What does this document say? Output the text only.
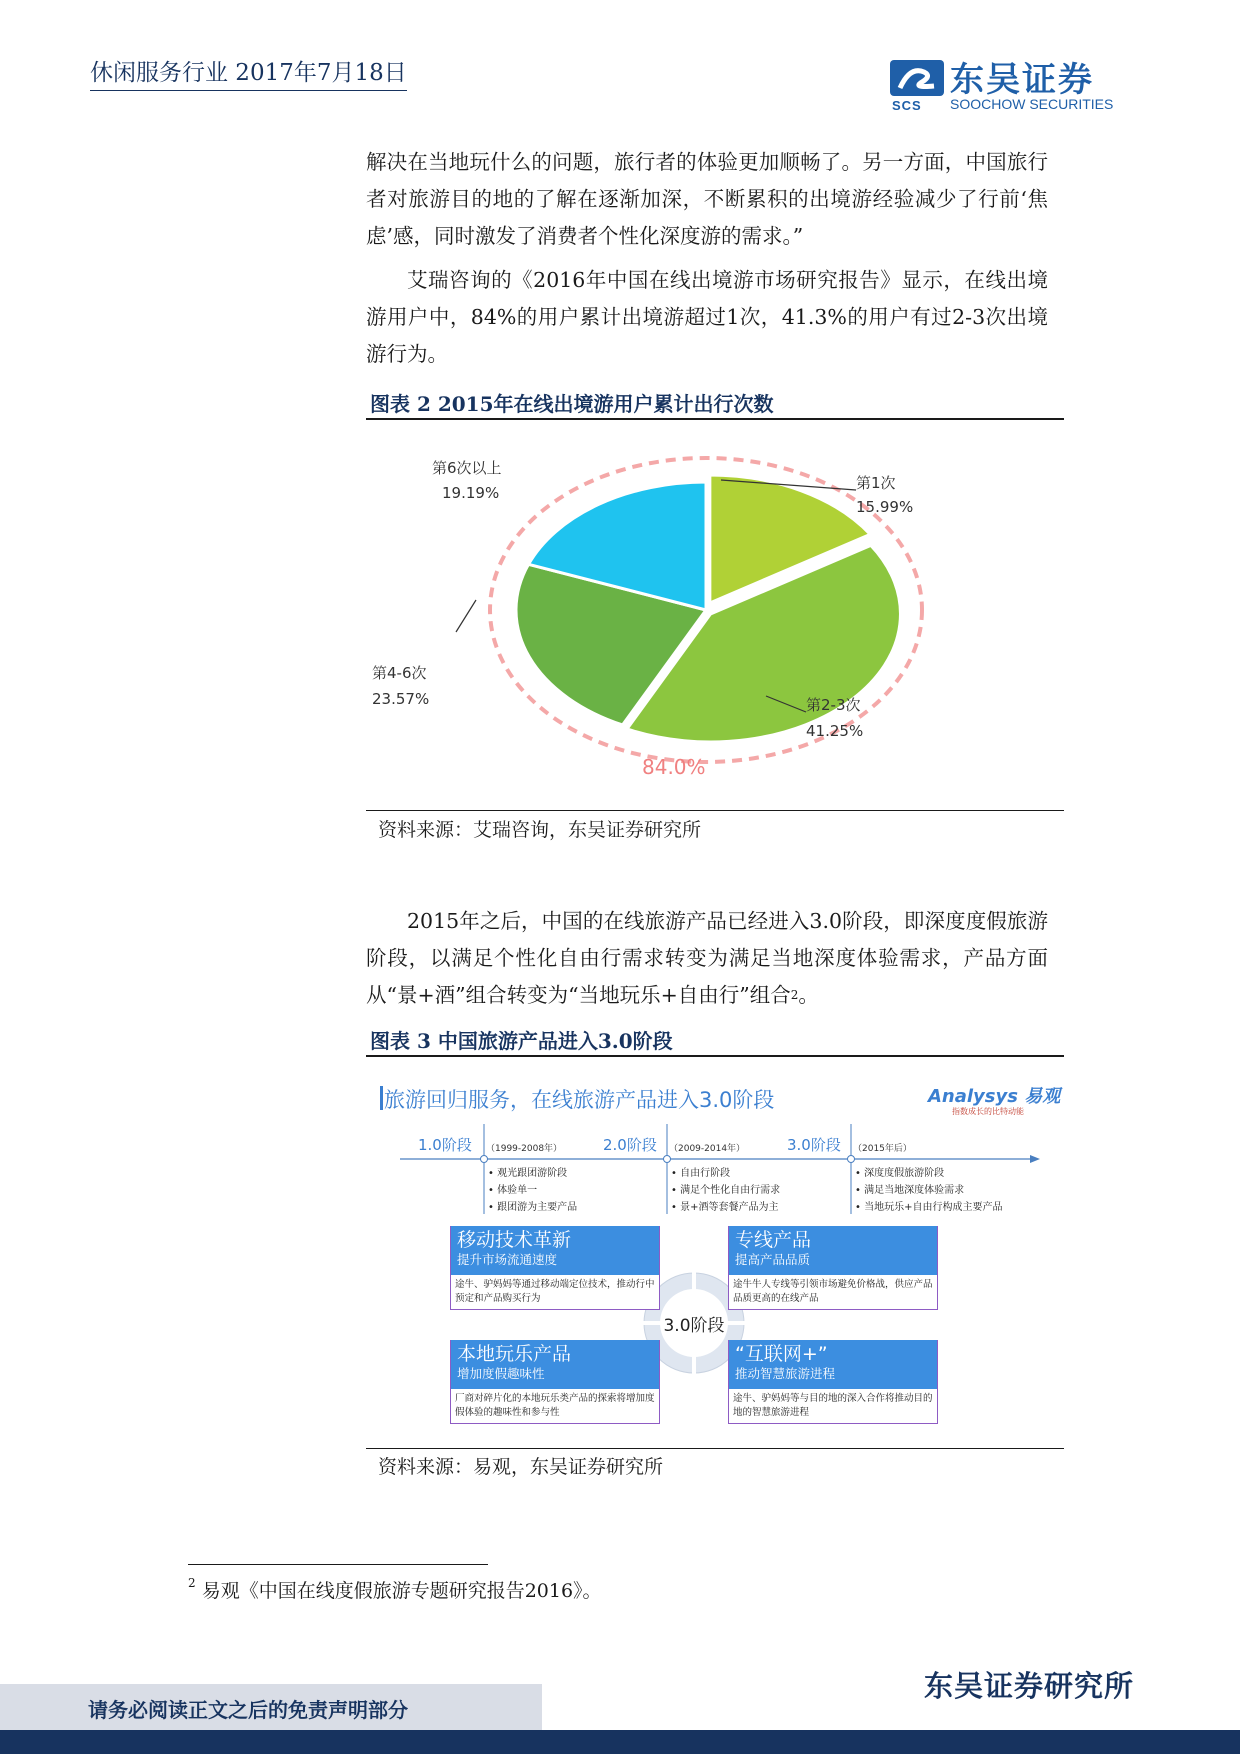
休闲服务行业 2017年7月18日	东吴证券
SCS SOOCHOW SECURITIES
解决在当地玩什么的问题，旅行者的体验更加顺畅了。另一方面，中国旅行者对旅游目的地的了解在逐渐加深，不断累积的出境游经验减少了行前‘焦虑’感，同时激发了消费者个性化深度游的需求。”
艾瑞咨询的《2016年中国在线出境游市场研究报告》显示，在线出境游用户中，84%的用户累计出境游超过1次，41.3%的用户有过2-3次出境游行为。
图表 2 2015年在线出境游用户累计出行次数
第1次
15.99%
第2-3次
41.25%
第4-6次
23.57%
第6次以上
19.19%
84.0%
资料来源：艾瑞咨询，东吴证券研究所
2015年之后，中国的在线旅游产品已经进入3.0阶段，即深度度假旅游阶段，以满足个性化自由行需求转变为满足当地深度体验需求，产品方面从“景+酒”组合转变为“当地玩乐+自由行”组合$^2$。
图表 3 中国旅游产品进入3.0阶段
旅游回归服务，在线旅游产品进入3.0阶段	Analysys 易观
指数成长的比特动能
1.0阶段 （1999-2008年）	2.0阶段 （2009-2014年）	3.0阶段 （2015年后）
• 观光跟团游阶段
• 体验单一
• 跟团游为主要产品
• 自由行阶段
• 满足个性化自由行需求
• 景+酒等套餐产品为主
• 深度度假旅游阶段
• 满足当地深度体验需求
• 当地玩乐+自由行构成主要产品
移动技术革新
提升市场流通速度
途牛、驴妈妈等通过移动端定位技术，推动行中预定和产品购买行为
专线产品
提高产品品质
途牛牛人专线等引领市场避免价格战，供应产品品质更高的在线产品
本地玩乐产品
增加度假趣味性
厂商对碎片化的本地玩乐类产品的探索将增加度假体验的趣味性和参与性
“互联网+”
推动智慧旅游进程
途牛、驴妈妈等与目的地的深入合作将推动目的地的智慧旅游进程
3.0阶段
资料来源：易观，东吴证券研究所
$^2$ 易观《中国在线度假旅游专题研究报告2016》。
东吴证券研究所
请务必阅读正文之后的免责声明部分
